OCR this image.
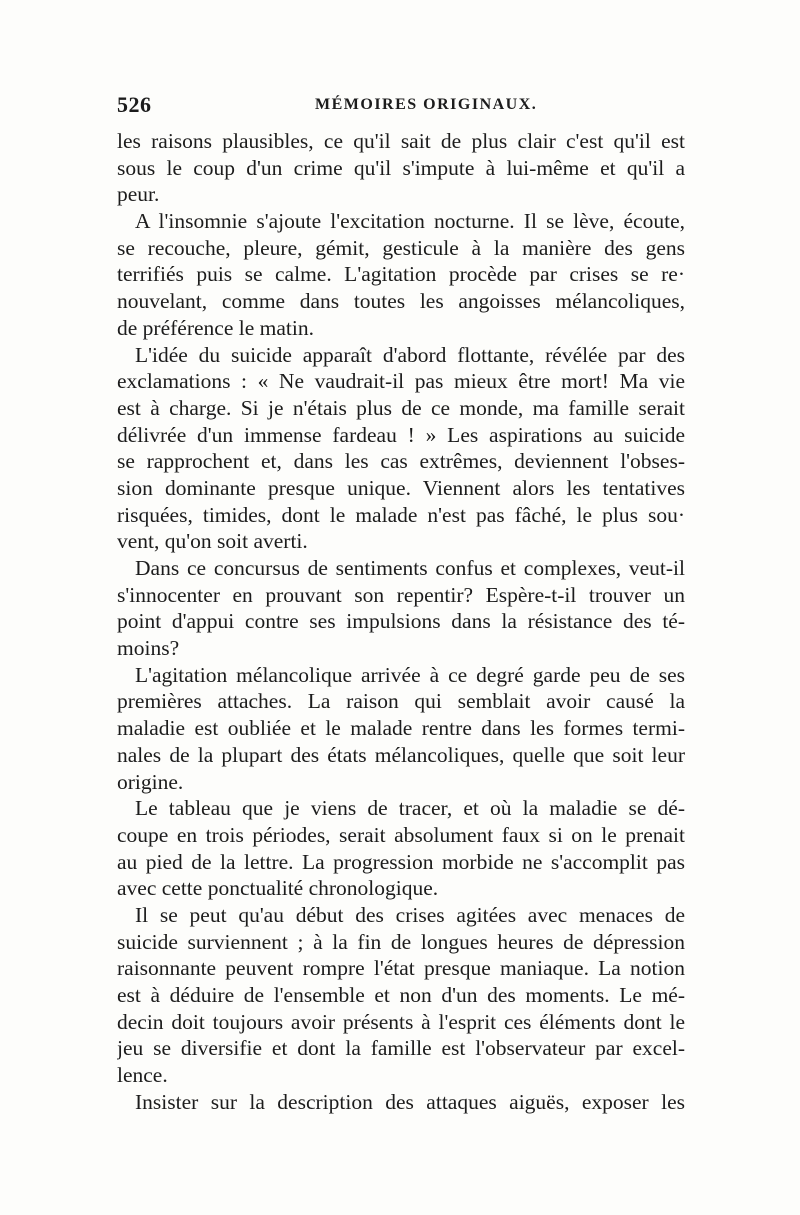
526	MÉMOIRES ORIGINAUX.
les raisons plausibles, ce qu'il sait de plus clair c'est qu'il est
sous le coup d'un crime qu'il s'impute à lui-même et qu'il a
peur.
A l'insomnie s'ajoute l'excitation nocturne. Il se lève, écoute,
se recouche, pleure, gémit, gesticule à la manière des gens
terrifiés puis se calme. L'agitation procède par crises se re·
nouvelant, comme dans toutes les angoisses mélancoliques,
de préférence le matin.
L'idée du suicide apparaît d'abord flottante, révélée par des
exclamations : « Ne vaudrait-il pas mieux être mort! Ma vie
est à charge. Si je n'étais plus de ce monde, ma famille serait
délivrée d'un immense fardeau ! » Les aspirations au suicide
se rapprochent et, dans les cas extrêmes, deviennent l'obses-
sion dominante presque unique. Viennent alors les tentatives
risquées, timides, dont le malade n'est pas fâché, le plus sou·
vent, qu'on soit averti.
Dans ce concursus de sentiments confus et complexes, veut-il
s'innocenter en prouvant son repentir? Espère-t-il trouver un
point d'appui contre ses impulsions dans la résistance des té-
moins?
L'agitation mélancolique arrivée à ce degré garde peu de ses
premières attaches. La raison qui semblait avoir causé la
maladie est oubliée et le malade rentre dans les formes termi-
nales de la plupart des états mélancoliques, quelle que soit leur
origine.
Le tableau que je viens de tracer, et où la maladie se dé-
coupe en trois périodes, serait absolument faux si on le prenait
au pied de la lettre. La progression morbide ne s'accomplit pas
avec cette ponctualité chronologique.
Il se peut qu'au début des crises agitées avec menaces de
suicide surviennent ; à la fin de longues heures de dépression
raisonnante peuvent rompre l'état presque maniaque. La notion
est à déduire de l'ensemble et non d'un des moments. Le mé-
decin doit toujours avoir présents à l'esprit ces éléments dont le
jeu se diversifie et dont la famille est l'observateur par excel-
lence.
Insister sur la description des attaques aiguës, exposer les
